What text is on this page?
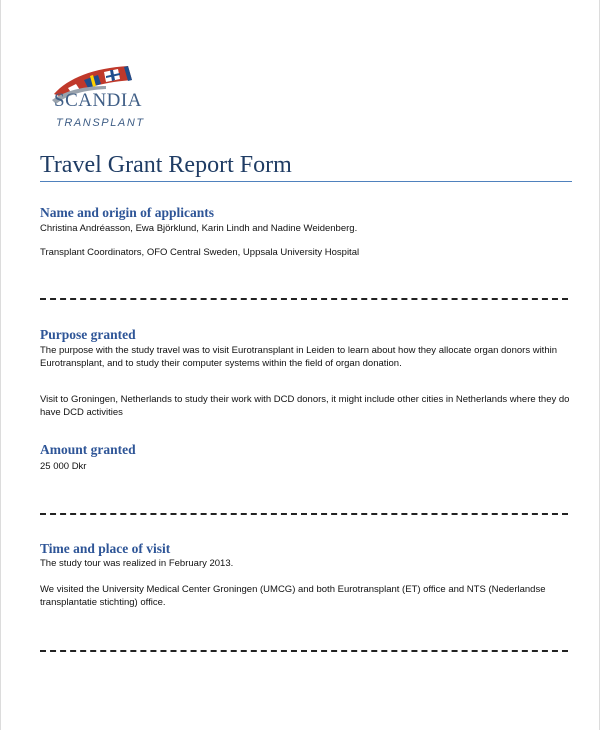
SCANDIA
TRANSPLANT
Travel Grant Report Form
Name and origin of applicants
Christina Andréasson, Ewa Björklund, Karin Lindh and Nadine Weidenberg.
Transplant Coordinators, OFO Central Sweden, Uppsala University Hospital
Purpose granted
The purpose with the study travel was to visit Eurotransplant in Leiden to learn about how they allocate organ donors within Eurotransplant, and to study their computer systems within the field of organ donation.
Visit to Groningen, Netherlands to study their work with DCD donors, it might include other cities in Netherlands where they do have DCD activities
Amount granted
25 000 Dkr
Time and place of visit
The study tour was realized in February 2013.
We visited the University Medical Center Groningen (UMCG) and both Eurotransplant (ET) office and NTS (Nederlandse transplantatie stichting) office.
